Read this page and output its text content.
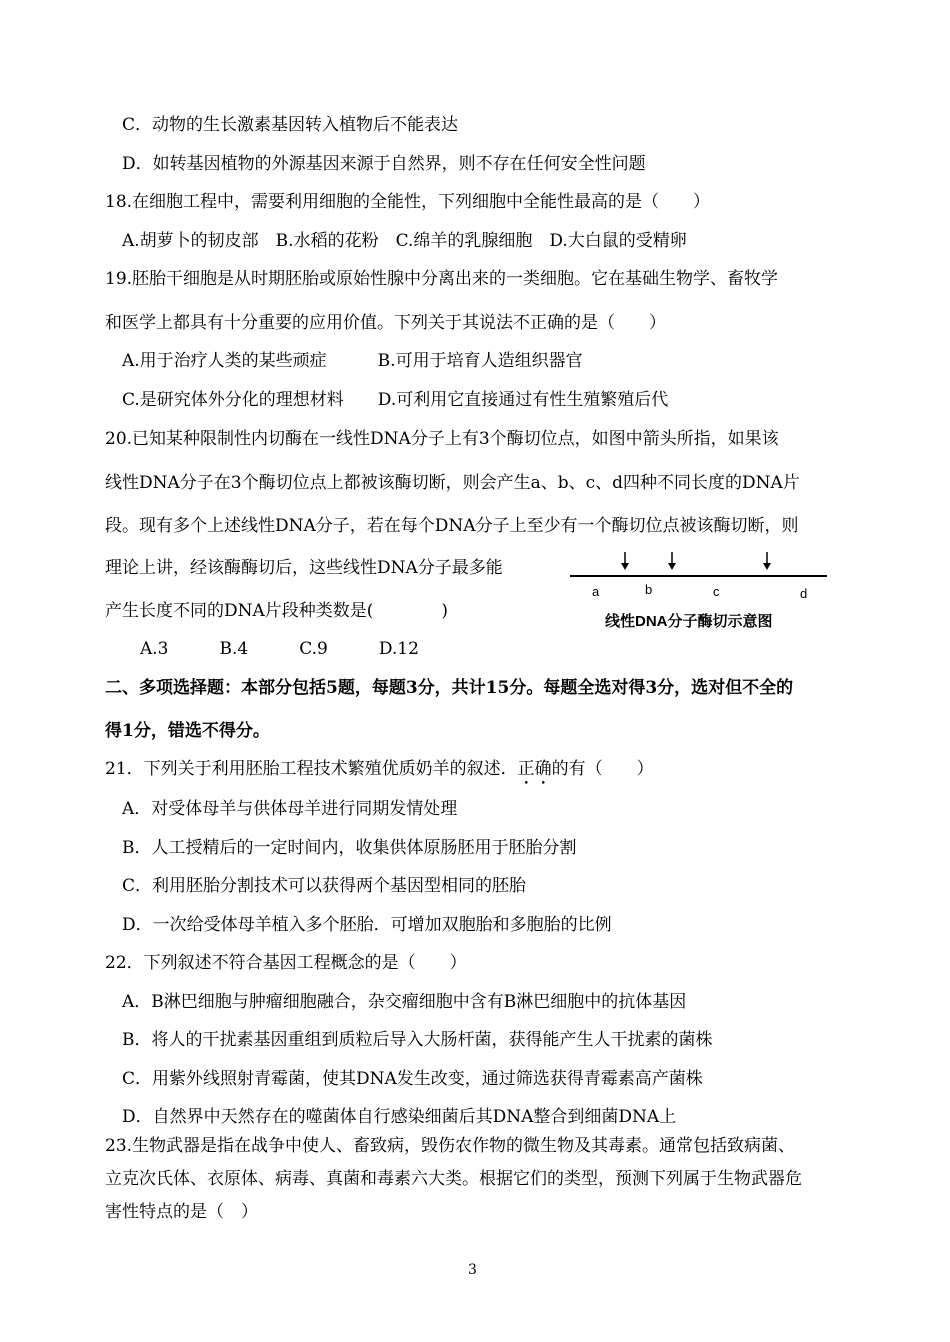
C．动物的生长激素基因转入植物后不能表达
D．如转基因植物的外源基因来源于自然界，则不存在任何安全性问题
18.在细胞工程中，需要利用细胞的全能性，下列细胞中全能性最高的是（　　）
A.胡萝卜的韧皮部　B.水稻的花粉　C.绵羊的乳腺细胞　D.大白鼠的受精卵
19.胚胎干细胞是从时期胚胎或原始性腺中分离出来的一类细胞。它在基础生物学、畜牧学
和医学上都具有十分重要的应用价值。下列关于其说法不正确的是（　　）
A.用于治疗人类的某些顽症　　　B.可用于培育人造组织器官
C.是研究体外分化的理想材料　　D.可利用它直接通过有性生殖繁殖后代
20.已知某种限制性内切酶在一线性DNA分子上有3个酶切位点，如图中箭头所指，如果该
线性DNA分子在3个酶切位点上都被该酶切断，则会产生a、b、c、d四种不同长度的DNA片
段。现有多个上述线性DNA分子，若在每个DNA分子上至少有一个酶切位点被该酶切断，则
理论上讲，经该酶酶切后，这些线性DNA分子最多能
产生长度不同的DNA片段种类数是(　　　　)
A.3　　　B.4　　　C.9　　　D.12
a	b	c	d
线性DNA分子酶切示意图
二、多项选择题：本部分包括5题，每题3分，共计15分。每题全选对得3分，选对但不全的
得1分，错选不得分。
21．下列关于利用胚胎工程技术繁殖优质奶羊的叙述．正确的有（　　）
A．对受体母羊与供体母羊进行同期发情处理
B．人工授精后的一定时间内，收集供体原肠胚用于胚胎分割
C．利用胚胎分割技术可以获得两个基因型相同的胚胎
D．一次给受体母羊植入多个胚胎．可增加双胞胎和多胞胎的比例
22．下列叙述不符合基因工程概念的是（　　）
A．B淋巴细胞与肿瘤细胞融合，杂交瘤细胞中含有B淋巴细胞中的抗体基因
B．将人的干扰素基因重组到质粒后导入大肠杆菌，获得能产生人干扰素的菌株
C．用紫外线照射青霉菌，使其DNA发生改变，通过筛选获得青霉素高产菌株
D．自然界中天然存在的噬菌体自行感染细菌后其DNA整合到细菌DNA上
23.生物武器是指在战争中使人、畜致病，毁伤农作物的微生物及其毒素。通常包括致病菌、
立克次氏体、衣原体、病毒、真菌和毒素六大类。根据它们的类型，预测下列属于生物武器危
害性特点的是（　）
3
